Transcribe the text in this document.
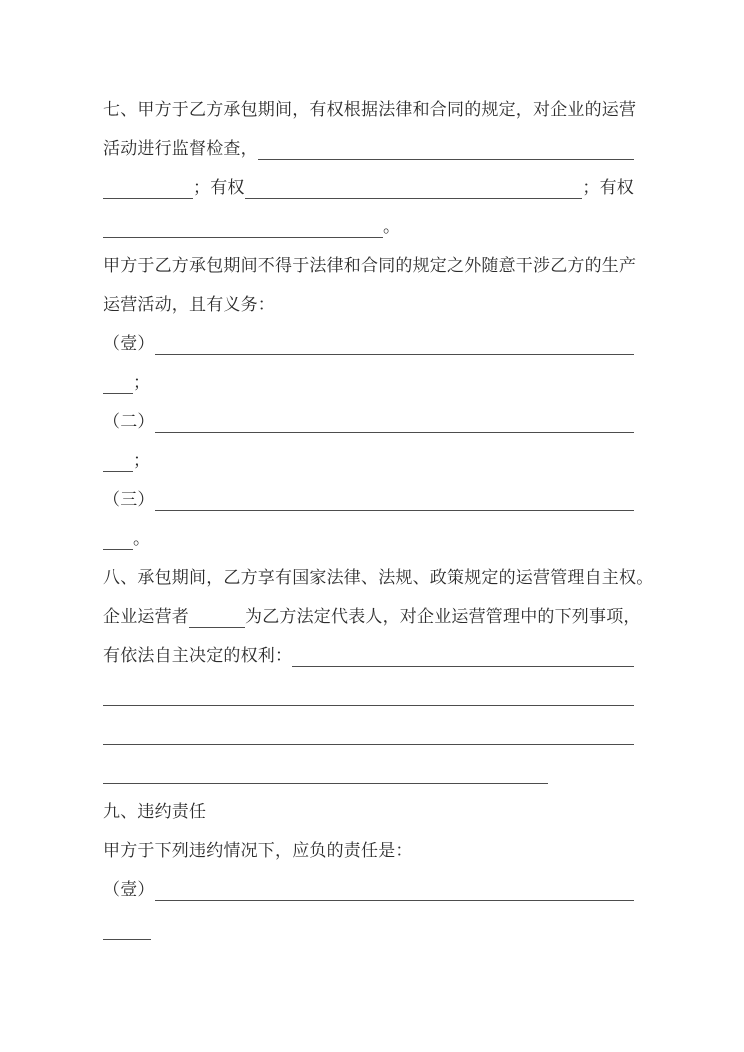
七、甲方于乙方承包期间，有权根据法律和合同的规定，对企业的运营
活动进行监督检查，
；有权	；有权
。
甲方于乙方承包期间不得于法律和合同的规定之外随意干涉乙方的生产
运营活动，且有义务：
（壹）
；
（二）
；
（三）
。
八、承包期间，乙方享有国家法律、法规、政策规定的运营管理自主权。
企业运营者	为乙方法定代表人，对企业运营管理中的下列事项，
有依法自主决定的权利：
九、违约责任
甲方于下列违约情况下，应负的责任是：
（壹）
